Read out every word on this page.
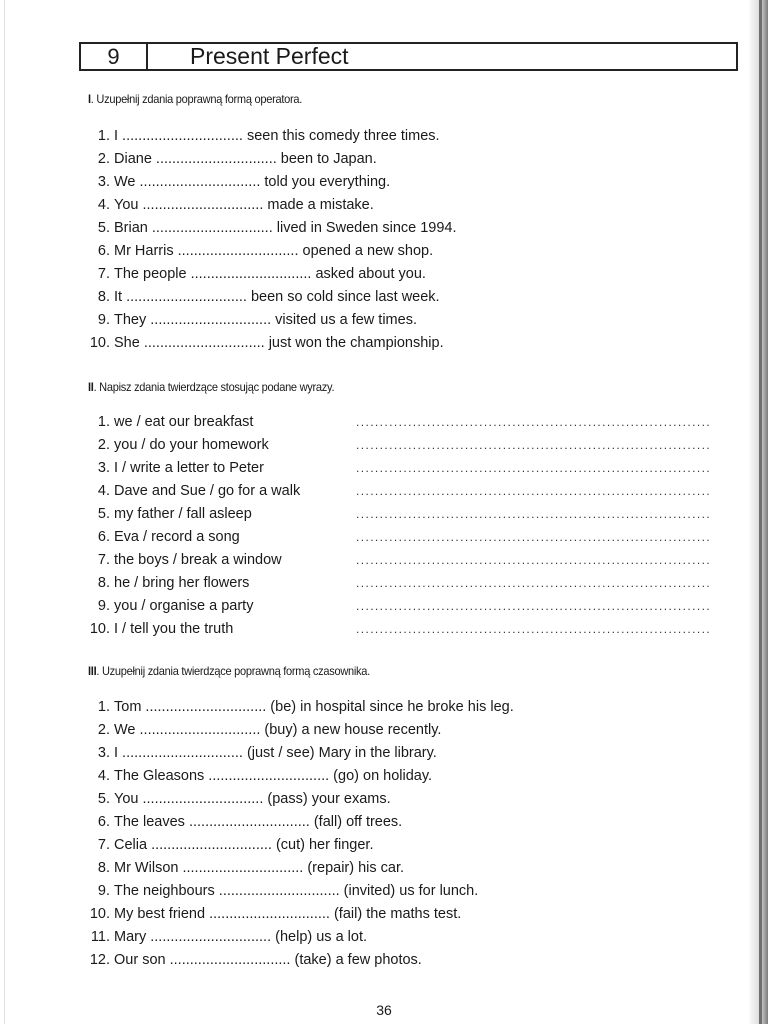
9	Present Perfect
I. Uzupełnij zdania poprawną formą operatora.
1. I .............................. seen this comedy three times.
2. Diane .............................. been to Japan.
3. We .............................. told you everything.
4. You .............................. made a mistake.
5. Brian .............................. lived in Sweden since 1994.
6. Mr Harris .............................. opened a new shop.
7. The people .............................. asked about you.
8. It .............................. been so cold since last week.
9. They .............................. visited us a few times.
10. She .............................. just won the championship.
II. Napisz zdania twierdzące stosując podane wyrazy.
1. we / eat our breakfast	...........................................................................
2. you / do your homework	...........................................................................
3. I / write a letter to Peter	...........................................................................
4. Dave and Sue / go for a walk	...........................................................................
5. my father / fall asleep	...........................................................................
6. Eva / record a song	...........................................................................
7. the boys / break a window	...........................................................................
8. he / bring her flowers	...........................................................................
9. you / organise a party	...........................................................................
10. I / tell you the truth	...........................................................................
III. Uzupełnij zdania twierdzące poprawną formą czasownika.
1. Tom .............................. (be) in hospital since he broke his leg.
2. We .............................. (buy) a new house recently.
3. I .............................. (just / see) Mary in the library.
4. The Gleasons .............................. (go) on holiday.
5. You .............................. (pass) your exams.
6. The leaves .............................. (fall) off trees.
7. Celia .............................. (cut) her finger.
8. Mr Wilson .............................. (repair) his car.
9. The neighbours .............................. (invited) us for lunch.
10. My best friend .............................. (fail) the maths test.
11. Mary .............................. (help) us a lot.
12. Our son .............................. (take) a few photos.
36
